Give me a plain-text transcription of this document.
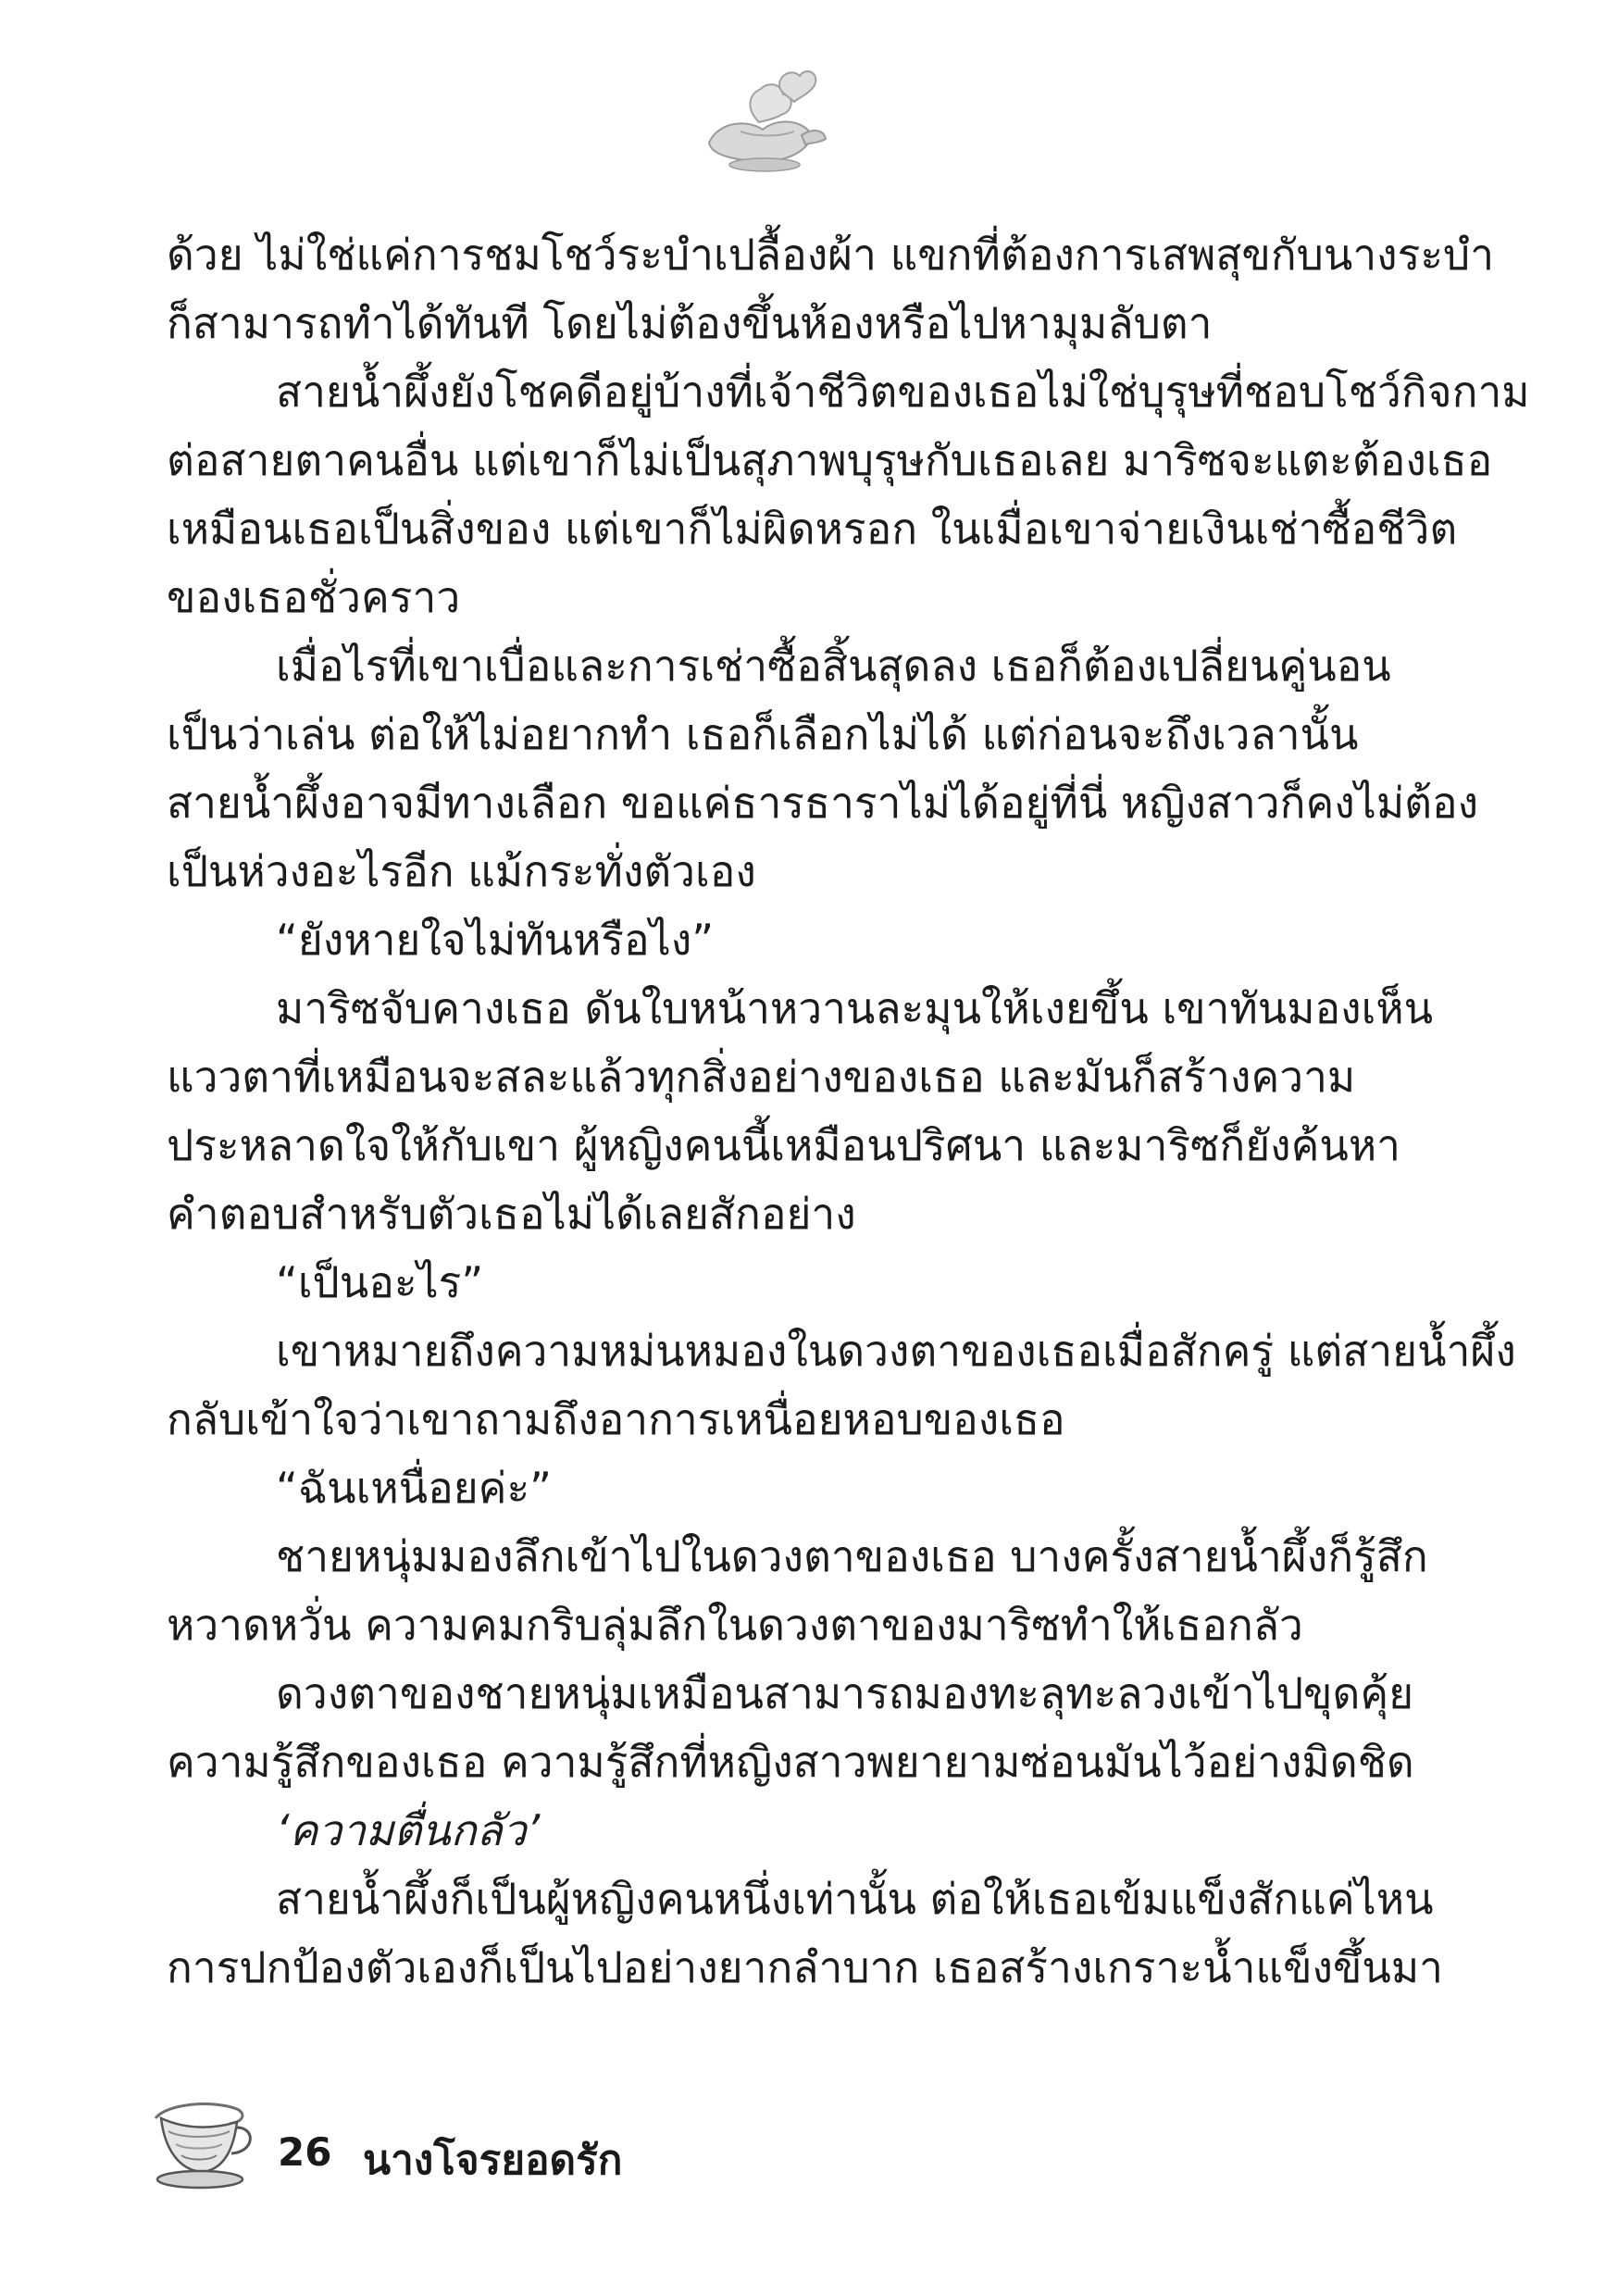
ด้วย ไม่ใช่แค่การชมโชว์ระบำเปลื้องผ้า แขกที่ต้องการเสพสุขกับนางระบำ
ก็สามารถทำได้ทันที โดยไม่ต้องขึ้นห้องหรือไปหามุมลับตา
สายน้ำผึ้งยังโชคดีอยู่บ้างที่เจ้าชีวิตของเธอไม่ใช่บุรุษที่ชอบโชว์กิจกาม
ต่อสายตาคนอื่น แต่เขาก็ไม่เป็นสุภาพบุรุษกับเธอเลย มาริซจะแตะต้องเธอ
เหมือนเธอเป็นสิ่งของ แต่เขาก็ไม่ผิดหรอก ในเมื่อเขาจ่ายเงินเช่าซื้อชีวิต
ของเธอชั่วคราว
เมื่อไรที่เขาเบื่อและการเช่าซื้อสิ้นสุดลง เธอก็ต้องเปลี่ยนคู่นอน
เป็นว่าเล่น ต่อให้ไม่อยากทำ เธอก็เลือกไม่ได้ แต่ก่อนจะถึงเวลานั้น
สายน้ำผึ้งอาจมีทางเลือก ขอแค่ธารธาราไม่ได้อยู่ที่นี่ หญิงสาวก็คงไม่ต้อง
เป็นห่วงอะไรอีก แม้กระทั่งตัวเอง
“ยังหายใจไม่ทันหรือไง”
มาริซจับคางเธอ ดันใบหน้าหวานละมุนให้เงยขึ้น เขาทันมองเห็น
แววตาที่เหมือนจะสละแล้วทุกสิ่งอย่างของเธอ และมันก็สร้างความ
ประหลาดใจให้กับเขา ผู้หญิงคนนี้เหมือนปริศนา และมาริซก็ยังค้นหา
คำตอบสำหรับตัวเธอไม่ได้เลยสักอย่าง
“เป็นอะไร”
เขาหมายถึงความหม่นหมองในดวงตาของเธอเมื่อสักครู่ แต่สายน้ำผึ้ง
กลับเข้าใจว่าเขาถามถึงอาการเหนื่อยหอบของเธอ
“ฉันเหนื่อยค่ะ”
ชายหนุ่มมองลึกเข้าไปในดวงตาของเธอ บางครั้งสายน้ำผึ้งก็รู้สึก
หวาดหวั่น ความคมกริบลุ่มลึกในดวงตาของมาริซทำให้เธอกลัว
ดวงตาของชายหนุ่มเหมือนสามารถมองทะลุทะลวงเข้าไปขุดคุ้ย
ความรู้สึกของเธอ ความรู้สึกที่หญิงสาวพยายามซ่อนมันไว้อย่างมิดชิด
‘ความตื่นกลัว’
สายน้ำผึ้งก็เป็นผู้หญิงคนหนึ่งเท่านั้น ต่อให้เธอเข้มแข็งสักแค่ไหน
การปกป้องตัวเองก็เป็นไปอย่างยากลำบาก เธอสร้างเกราะน้ำแข็งขึ้นมา
26 นางโจรยอดรัก
